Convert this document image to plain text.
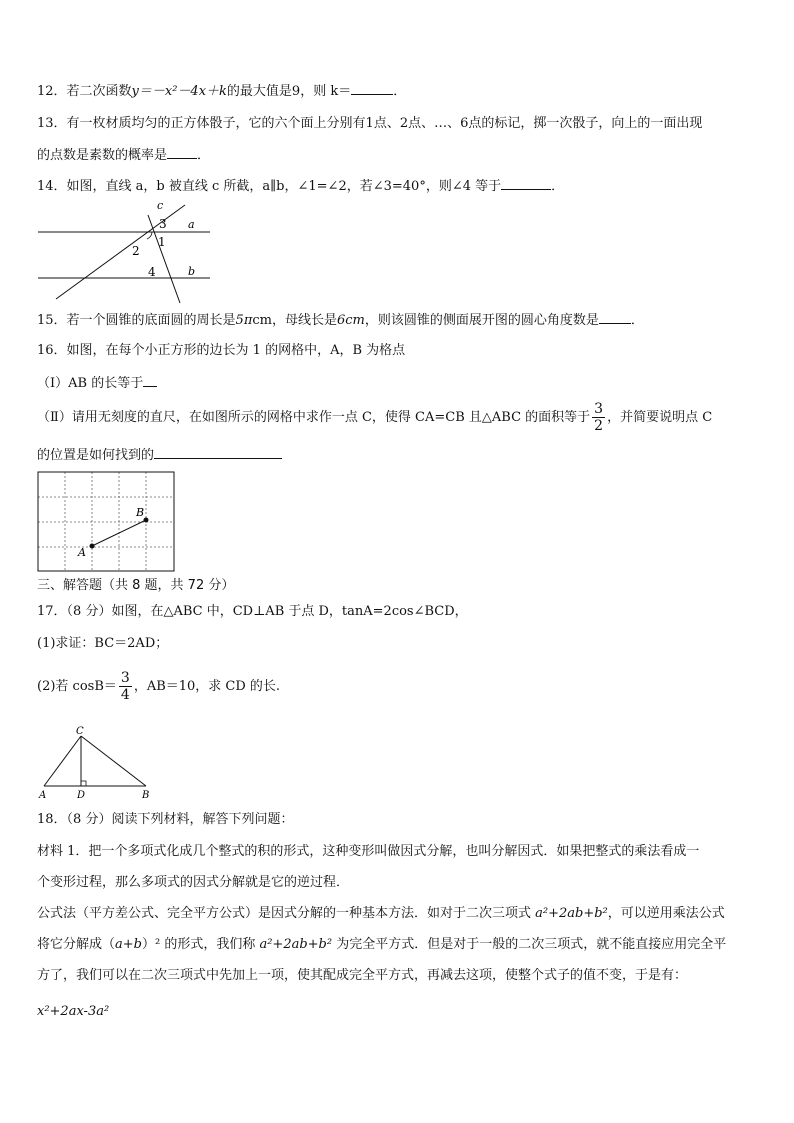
12．若二次函数y＝－x²－4x＋k的最大值是9，则 k＝	．
13．有一枚材质均匀的正方体骰子，它的六个面上分别有1点、2点、…、6点的标记，掷一次骰子，向上的一面出现
的点数是素数的概率是 ．
14．如图，直线 a，b 被直线 c 所截，a∥b，∠1=∠2，若∠3=40°，则∠4 等于	．
c
a
b
3
1
2
4
15．若一个圆锥的底面圆的周长是5πcm，母线长是6cm，则该圆锥的侧面展开图的圆心角度数是 ．
16．如图，在每个小正方形的边长为 1 的网格中，A，B 为格点
（Ⅰ）AB 的长等于
（Ⅱ）请用无刻度的直尺，在如图所示的网格中求作一点 C，使得 CA=CB 且△ABC 的面积等于 $\frac{3}{2}$ ，并简要说明点 C
的位置是如何找到的
A
B
三、解答题（共 8 题，共 72 分）
17．（8 分）如图，在△ABC 中，CD⊥AB 于点 D，tanA=2cos∠BCD，
(1)求证：BC＝2AD；
(2)若 $\cos B= \frac{3}{4}$ ，AB＝10，求 CD 的长.
C
A	D	B
18．（8 分）阅读下列材料，解答下列问题：
材料 1．把一个多项式化成几个整式的积的形式，这种变形叫做因式分解，也叫分解因式．如果把整式的乘法看成一
个变形过程，那么多项式的因式分解就是它的逆过程．
公式法（平方差公式、完全平方公式）是因式分解的一种基本方法．如对于二次三项式 a²+2ab+b²，可以逆用乘法公式
将它分解成（a+b）² 的形式，我们称 a²+2ab+b² 为完全平方式．但是对于一般的二次三项式，就不能直接应用完全平
方了，我们可以在二次三项式中先加上一项，使其配成完全平方式，再减去这项，使整个式子的值不变，于是有：
x²+2ax-3a²
